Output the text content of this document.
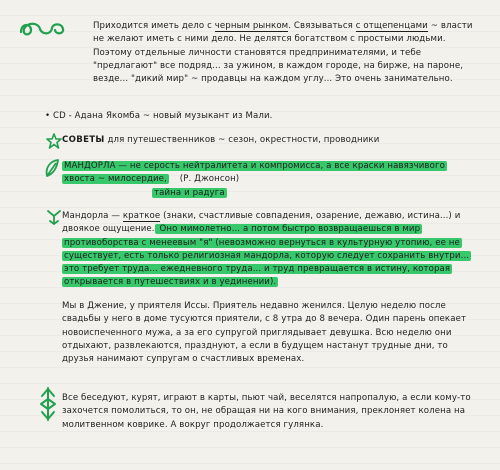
Приходится иметь дело с черным рынком. Связываться с отщепенцами ~ власти не желают иметь с ними дело. Не делятся богатством с простыми людьми. Поэтому отдельные личности становятся предпринимателями, и тебе "предлагают" все подряд... за ужином, в каждом городе, на бирже, на пароне, везде... "дикий мир" ~ продавцы на каждом углу... Это очень занимательно.
• CD - Адана Якомба ~ новый музыкант из Мали.
СОВЕТЫ для путешественников ~ сезон, окрестности, проводники
МАНДОРЛА — не серость нейтралитета и компромисса, а все краски навязчивого хвоста ~ милосердие, (Р. Джонсон)
тайна и радуга
Мандорла — краткое (знаки, счастливые совпадения, озарение, дежавю, истина...) и двоякое ощущение. Оно мимолетно... а потом быстро возвращаешься в мир противоборства с менеевым "я" (невозможно вернуться в культурную утопию, ее не существует, есть только религиозная мандорла, которую следует сохранить внутри... это требует труда... ежедневного труда... и труд превращается в истину, которая открывается в путешествиях и в уединении).
Мы в Джение, у приятеля Иссы. Приятель недавно женился. Целую неделю после свадьбы у него в доме тусуются приятели, с 8 утра до 8 вечера. Один парень опекает новоиспеченного мужа, а за его супругой приглядывает девушка. Всю неделю они отдыхают, развлекаются, празднуют, а если в будущем настанут трудные дни, то друзья нанимают супругам о счастливых временах.
Все беседуют, курят, играют в карты, пьют чай, веселятся напропалую, а если кому-то захочется помолиться, то он, не обращая ни на кого внимания, преклоняет колена на молитвенном коврике. А вокруг продолжается гулянка.
